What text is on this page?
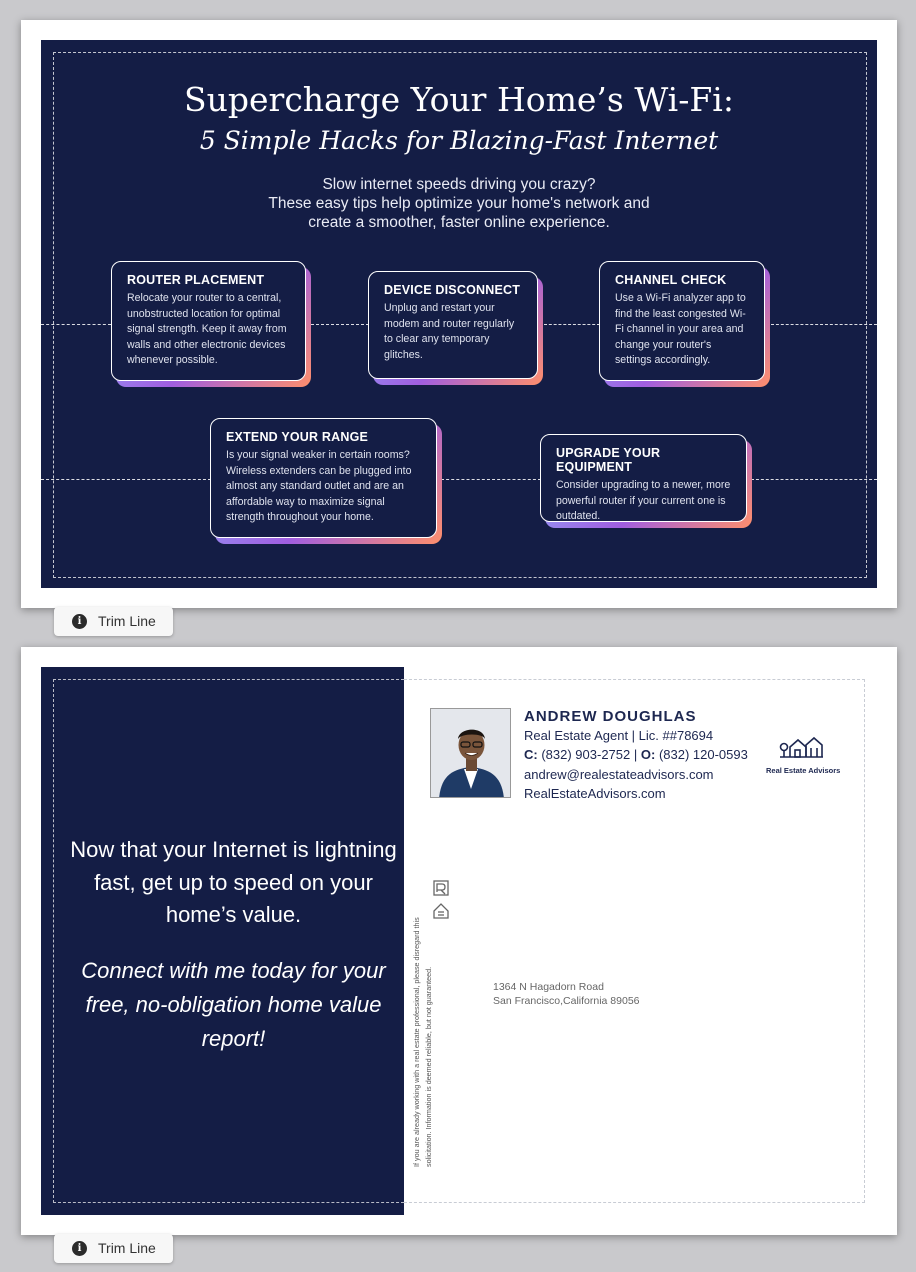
Supercharge Your Home’s Wi-Fi:
5 Simple Hacks for Blazing-Fast Internet
Slow internet speeds driving you crazy?
These easy tips help optimize your home's network and
create a smoother, faster online experience.
ROUTER PLACEMENT

Relocate your router to a central, unobstructed location for optimal signal strength. Keep it away from walls and other electronic devices whenever possible.

DEVICE DISCONNECT

Unplug and restart your modem and router regularly to clear any temporary glitches.

CHANNEL CHECK

Use a Wi-Fi analyzer app to find the least congested Wi-Fi channel in your area and change your router's settings accordingly.

EXTEND YOUR RANGE

Is your signal weaker in certain rooms? Wireless extenders can be plugged into almost any standard outlet and are an affordable way to maximize signal strength throughout your home.

UPGRADE YOUR EQUIPMENT

Consider upgrading to a newer, more powerful router if your current one is outdated.

i	Trim Line
Now that your Internet is lightning fast, get up to speed on your home’s value.
Connect with me today for your free, no-obligation home value report!
ANDREW DOUGHLAS
Real Estate Agent | Lic. ##78694
C: (832) 903-2752 | O: (832) 120-0593
andrew@realestateadvisors.com
RealEstateAdvisors.com
Real Estate Advisors
If you are already working with a real estate professional, please disregard this solicitation. Information is deemed reliable, but not guaranteed.	1364 N Hagadorn Road
San Francisco,California 89056
i	Trim Line
